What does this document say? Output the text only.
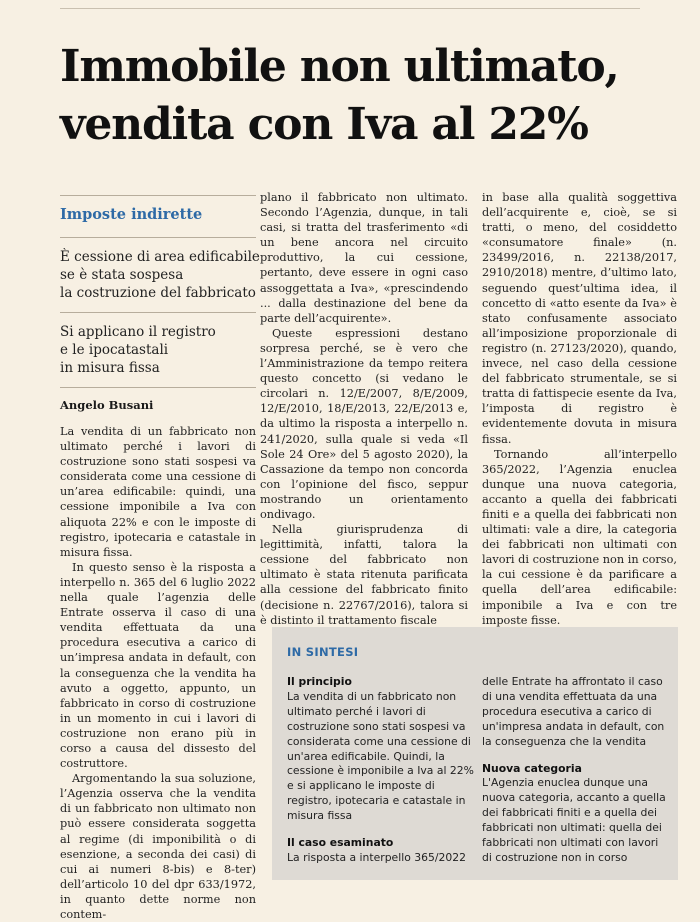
Immobile non ultimato,
vendita con Iva al 22%
Imposte indirette
È cessione di area edificabile
se è stata sospesa
la costruzione del fabbricato
Si applicano il registro
e le ipocatastali
in misura fissa
Angelo Busani

La vendita di un fabbricato non ultimato perché i lavori di costruzione sono stati sospesi va considerata come una cessione di un’area edificabile: quindi, una cessione imponibile a Iva con aliquota 22% e con le imposte di registro, ipotecaria e catastale in misura fissa.

In questo senso è la risposta a interpello n. 365 del 6 luglio 2022 nella quale l’agenzia delle Entrate osserva il caso di una vendita effettuata da una procedura esecutiva a carico di un’impresa andata in default, con la conseguenza che la vendita ha avuto a oggetto, appunto, un fabbricato in corso di costruzione in un momento in cui i lavori di costruzione non erano più in corso a causa del dissesto del costruttore.

Argomentando la sua soluzione, l’Agenzia osserva che la vendita di un fabbricato non ultimato non può essere considerata soggetta al regime (di imponibilità o di esenzione, a seconda dei casi) di cui ai numeri 8-bis) e 8-ter) dell’articolo 10 del dpr 633/1972, in quanto dette norme non contem-

plano il fabbricato non ultimato. Secondo l’Agenzia, dunque, in tali casi, si tratta del trasferimento «di un bene ancora nel circuito produttivo, la cui cessione, pertanto, deve essere in ogni caso assoggettata a Iva», «prescindendo ... dalla destinazione del bene da parte dell’acquirente».

Queste espressioni destano sorpresa perché, se è vero che l’Amministrazione da tempo reitera questo concetto (si vedano le circolari n. 12/E/2007, 8/E/2009, 12/E/2010, 18/E/2013, 22/E/2013 e, da ultimo la risposta a interpello n. 241/2020, sulla quale si veda «Il Sole 24 Ore» del 5 agosto 2020), la Cassazione da tempo non concorda con l’opinione del fisco, seppur mostrando un orientamento ondivago.

Nella giurisprudenza di legittimità, infatti, talora la cessione del fabbricato non ultimato è stata ritenuta parificata alla cessione del fabbricato finito (decisione n. 22767/2016), talora si è distinto il trattamento fiscale

in base alla qualità soggettiva dell’acquirente e, cioè, se si tratti, o meno, del cosiddetto «consumatore finale» (n. 23499/2016, n. 22138/2017, 2910/2018) mentre, d’ultimo lato, seguendo quest’ultima idea, il concetto di «atto esente da Iva» è stato confusamente associato all’imposizione proporzionale di registro (n. 27123/2020), quando, invece, nel caso della cessione del fabbricato strumentale, se si tratta di fattispecie esente da Iva, l’imposta di registro è evidentemente dovuta in misura fissa.

Tornando all’interpello 365/2022, l’Agenzia enuclea dunque una nuova categoria, accanto a quella dei fabbricati finiti e a quella dei fabbricati non ultimati: vale a dire, la categoria dei fabbricati non ultimati con lavori di costruzione non in corso, la cui cessione è da parificare a quella dell’area edificabile: imponibile a Iva e con tre imposte fisse.

IN SINTESI
Il principio
La vendita di un fabbricato non
ultimato perché i lavori di
costruzione sono stati sospesi va
considerata come una cessione di
un'area edificabile. Quindi, la
cessione è imponibile a Iva al 22%
e si applicano le imposte di
registro, ipotecaria e catastale in
misura fissa
Il caso esaminato
La risposta a interpello 365/2022
delle Entrate ha affrontato il caso
di una vendita effettuata da una
procedura esecutiva a carico di
un'impresa andata in default, con
la conseguenza che la vendita
Nuova categoria
L'Agenzia enuclea dunque una
nuova categoria, accanto a quella
dei fabbricati finiti e a quella dei
fabbricati non ultimati: quella dei
fabbricati non ultimati con lavori
di costruzione non in corso
